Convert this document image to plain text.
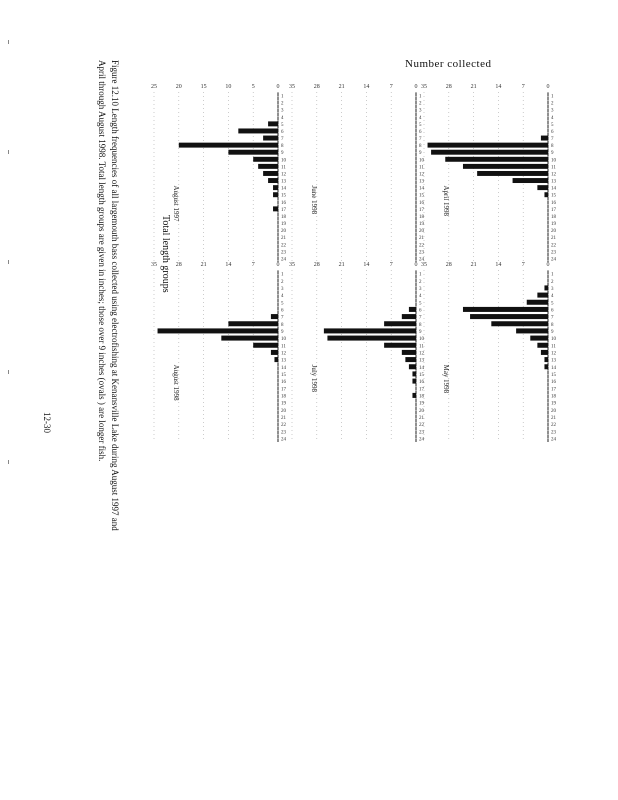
0
5
10
15
20
25
1
2
3
4
5
6
7
8
9
10
11
12
13
14
15
16
17
18
19
20
21
22
23
24
August 1997
0
7
14
21
28
35
1
2
3
4
5
6
7
8
9
10
11
12
13
14
15
16
17
18
19
20
21
22
23
24
April 1998
0
7
14
21
28
35
1
2
3
4
5
6
7
8
9
10
11
12
13
14
15
16
17
18
19
20
21
22
23
24
June 1998
0
7
14
21
28
35
1
2
3
4
5
6
7
8
9
10
11
12
13
14
15
16
17
18
19
20
21
22
23
24
May 1998
0
7
14
21
28
35
1
2
3
4
5
6
7
8
9
10
11
12
13
14
15
16
17
18
19
20
21
22
23
24
July 1998
0
7
14
21
28
35
1
2
3
4
5
6
7
8
9
10
11
12
13
14
15
16
17
18
19
20
21
22
23
24
August 1998
Number collected
Total length groups
Figure 12.10 Length frequencies of all largemouth bass collected using electrofishing at Kenansville Lake during August 1997 and
April through August 1998. Total length groups are given in inches; those over 9 inches (ovals ) are longer fish.
12-30
